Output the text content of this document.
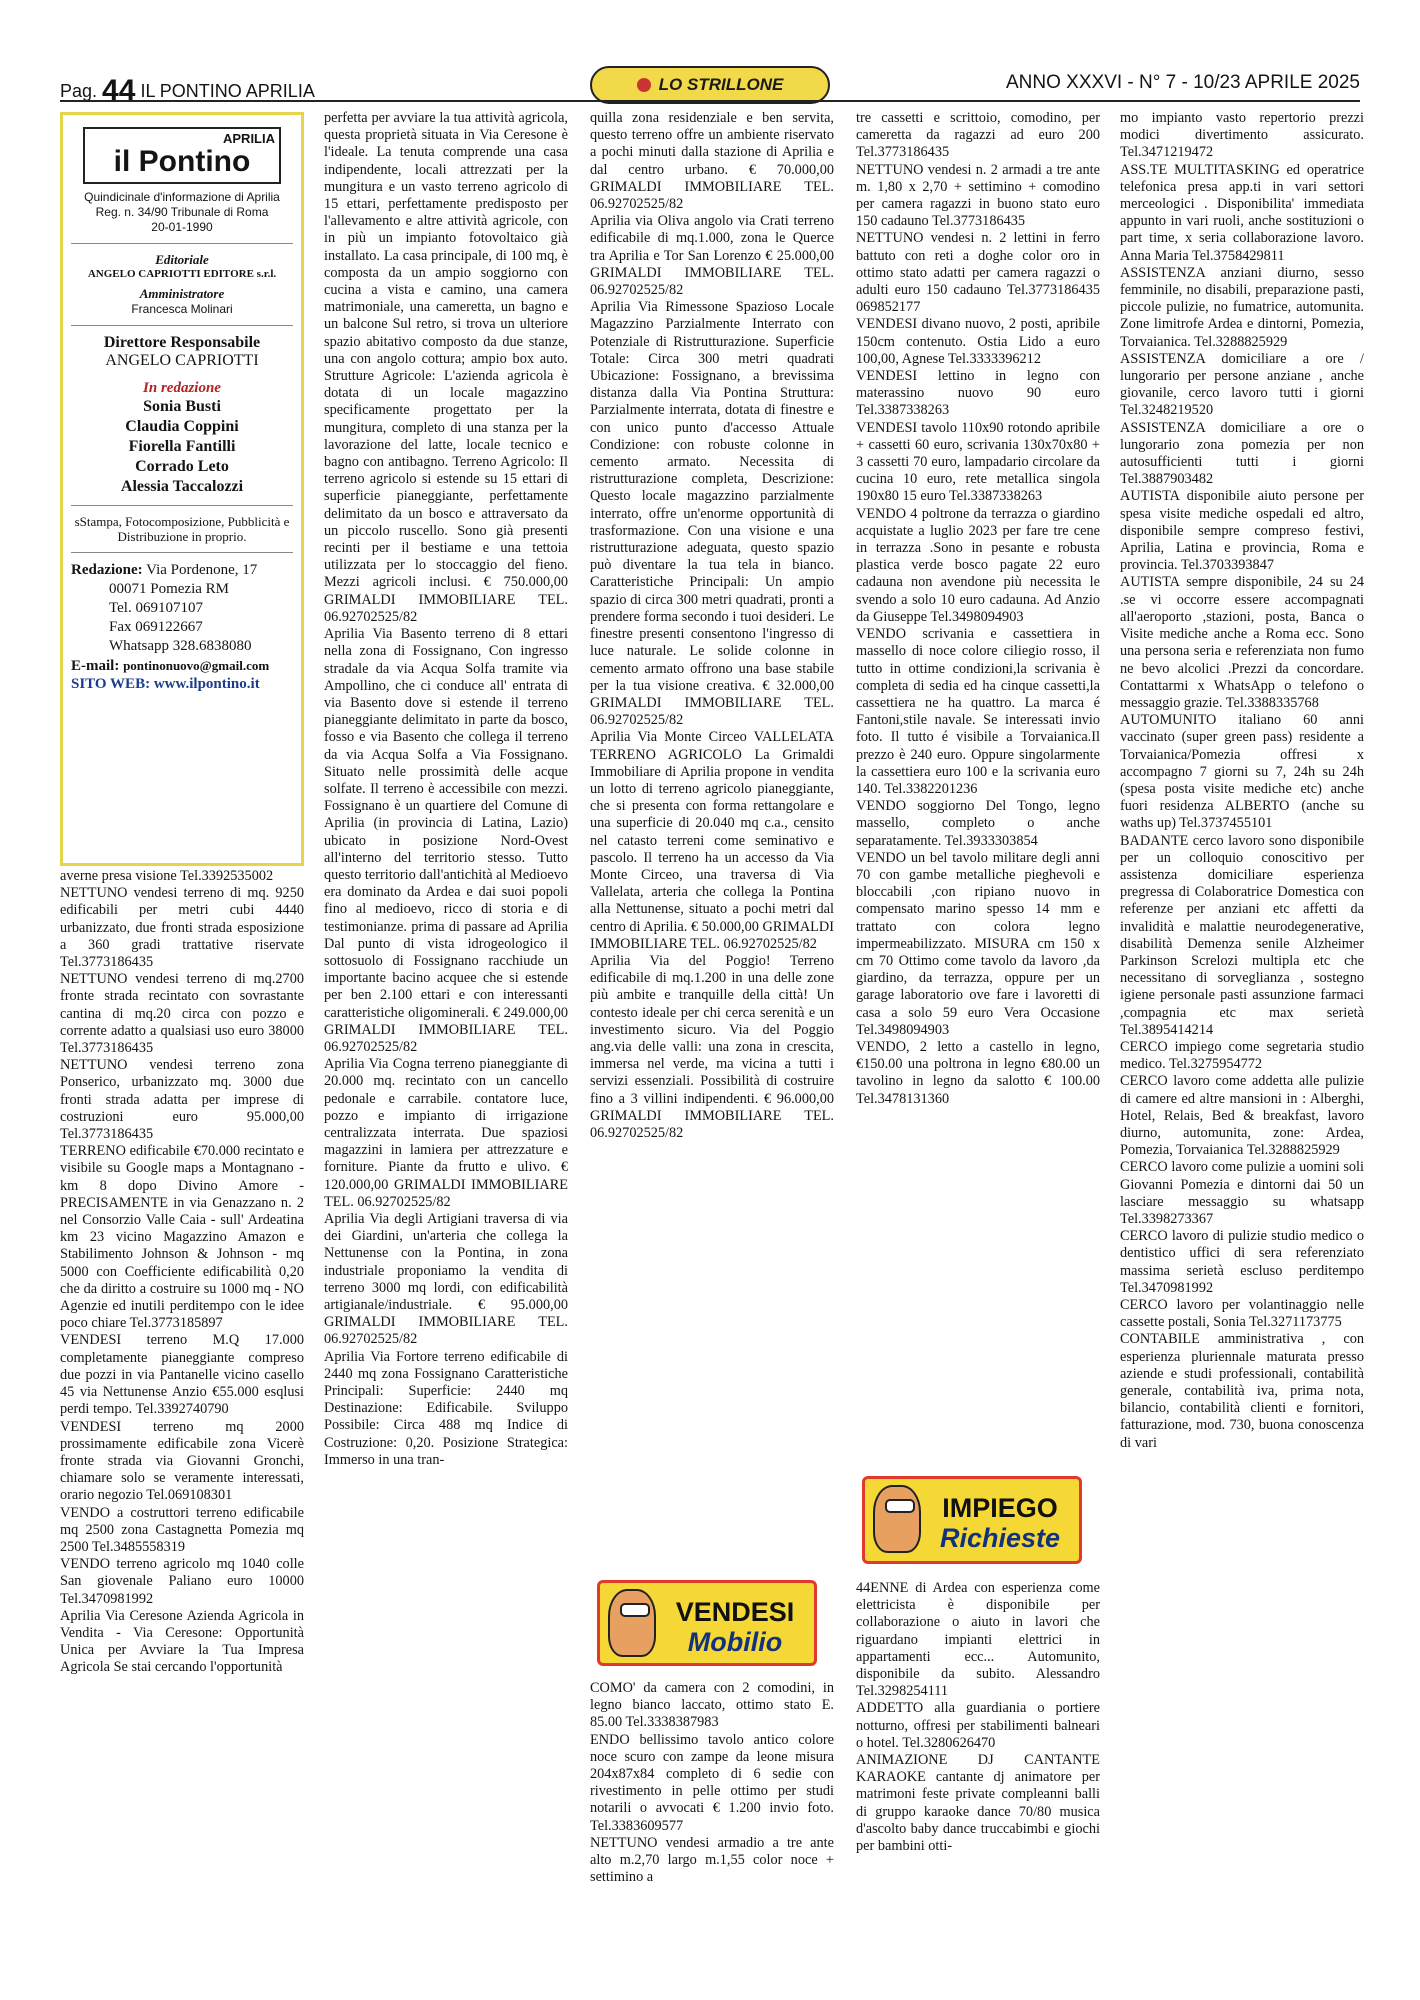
Pag. 44 IL PONTINO APRILIA	LO STRILLONE	ANNO XXXVI - N° 7 - 10/23 APRILE 2025
APRILIA
il Pontino
Quindicinale d'informazione di Aprilia
Reg. n. 34/90 Tribunale di Roma
20-01-1990
Editoriale
ANGELO CAPRIOTTI EDITORE s.r.l.
Amministratore
Francesca Molinari
Direttore Responsabile
ANGELO CAPRIOTTI
In redazione
Sonia Busti
Claudia Coppini
Fiorella Fantilli
Corrado Leto
Alessia Taccalozzi
sStampa, Fotocomposizione, Pubblicità e Distribuzione in proprio.
Redazione: Via Pordenone, 17
00071 Pomezia RM
Tel. 069107107
Fax 069122667
Whatsapp 328.6838080
E-mail: pontinonuovo@gmail.com
SITO WEB: www.ilpontino.it

averne presa visione Tel.3392535002

NETTUNO vendesi terreno di mq. 9250 edificabili per metri cubi 4440 urbanizzato, due fronti strada esposizione a 360 gradi trattative riservate Tel.3773186435

NETTUNO vendesi terreno di mq.2700 fronte strada recintato con sovrastante cantina di mq.20 circa con pozzo e corrente adatto a qualsiasi uso euro 38000 Tel.3773186435

NETTUNO vendesi terreno zona Ponserico, urbanizzato mq. 3000 due fronti strada adatta per imprese di costruzioni euro 95.000,00 Tel.3773186435

TERRENO edificabile €70.000 recintato e visibile su Google maps a Montagnano - km 8 dopo Divino Amore - PRECISAMENTE in via Genazzano n. 2 nel Consorzio Valle Caia - sull' Ardeatina km 23 vicino Magazzino Amazon e Stabilimento Johnson & Johnson - mq 5000 con Coefficiente edificabilità 0,20 che da diritto a costruire su 1000 mq - NO Agenzie ed inutili perditempo con le idee poco chiare Tel.3773185897

VENDESI terreno M.Q 17.000 completamente pianeggiante compreso due pozzi in via Pantanelle vicino casello 45 via Nettunense Anzio €55.000 esqlusi perdi tempo. Tel.3392740790

VENDESI terreno mq 2000 prossimamente edificabile zona Vicerè fronte strada via Giovanni Gronchi, chiamare solo se veramente interessati, orario negozio Tel.069108301

VENDO a costruttori terreno edificabile mq 2500 zona Castagnetta Pomezia mq 2500 Tel.3485558319

VENDO terreno agricolo mq 1040 colle San giovenale Paliano euro 10000 Tel.3470981992

Aprilia Via Ceresone Azienda Agricola in Vendita - Via Ceresone: Opportunità Unica per Avviare la Tua Impresa Agricola Se stai cercando l'opportunità

perfetta per avviare la tua attività agricola, questa proprietà situata in Via Ceresone è l'ideale. La tenuta comprende una casa indipendente, locali attrezzati per la mungitura e un vasto terreno agricolo di 15 ettari, perfettamente predisposto per l'allevamento e altre attività agricole, con in più un impianto fotovoltaico già installato. La casa principale, di 100 mq, è composta da un ampio soggiorno con cucina a vista e camino, una camera matrimoniale, una cameretta, un bagno e un balcone Sul retro, si trova un ulteriore spazio abitativo composto da due stanze, una con angolo cottura; ampio box auto. Strutture Agricole: L'azienda agricola è dotata di un locale magazzino specificamente progettato per la mungitura, completo di una stanza per la lavorazione del latte, locale tecnico e bagno con antibagno. Terreno Agricolo: Il terreno agricolo si estende su 15 ettari di superficie pianeggiante, perfettamente delimitato da un bosco e attraversato da un piccolo ruscello. Sono già presenti recinti per il bestiame e una tettoia utilizzata per lo stoccaggio del fieno. Mezzi agricoli inclusi. € 750.000,00 GRIMALDI IMMOBILIARE TEL. 06.92702525/82

Aprilia Via Basento terreno di 8 ettari nella zona di Fossignano, Con ingresso stradale da via Acqua Solfa tramite via Ampollino, che ci conduce all' entrata di via Basento dove si estende il terreno pianeggiante delimitato in parte da bosco, fosso e via Basento che collega il terreno da via Acqua Solfa a Via Fossignano. Situato nelle prossimità delle acque solfate. Il terreno è accessibile con mezzi. Fossignano è un quartiere del Comune di Aprilia (in provincia di Latina, Lazio) ubicato in posizione Nord-Ovest all'interno del territorio stesso. Tutto questo territorio dall'antichità al Medioevo era dominato da Ardea e dai suoi popoli fino al medioevo, ricco di storia e di testimonianze. prima di passare ad Aprilia Dal punto di vista idrogeologico il sottosuolo di Fossignano racchiude un importante bacino acquee che si estende per ben 2.100 ettari e con interessanti caratteristiche oligominerali. € 249.000,00 GRIMALDI IMMOBILIARE TEL. 06.92702525/82

Aprilia Via Cogna terreno pianeggiante di 20.000 mq. recintato con un cancello pedonale e carrabile. contatore luce, pozzo e impianto di irrigazione centralizzata interrata. Due spaziosi magazzini in lamiera per attrezzature e forniture. Piante da frutto e ulivo. € 120.000,00 GRIMALDI IMMOBILIARE TEL. 06.92702525/82

Aprilia Via degli Artigiani traversa di via dei Giardini, un'arteria che collega la Nettunense con la Pontina, in zona industriale proponiamo la vendita di terreno 3000 mq lordi, con edificabilità artigianale/industriale. € 95.000,00 GRIMALDI IMMOBILIARE TEL. 06.92702525/82

Aprilia Via Fortore terreno edificabile di 2440 mq zona Fossignano Caratteristiche Principali: Superficie: 2440 mq Destinazione: Edificabile. Sviluppo Possibile: Circa 488 mq Indice di Costruzione: 0,20. Posizione Strategica: Immerso in una tran-

quilla zona residenziale e ben servita, questo terreno offre un ambiente riservato a pochi minuti dalla stazione di Aprilia e dal centro urbano. € 70.000,00 GRIMALDI IMMOBILIARE TEL. 06.92702525/82

Aprilia via Oliva angolo via Crati terreno edificabile di mq.1.000, zona le Querce tra Aprilia e Tor San Lorenzo € 25.000,00 GRIMALDI IMMOBILIARE TEL. 06.92702525/82

Aprilia Via Rimessone Spazioso Locale Magazzino Parzialmente Interrato con Potenziale di Ristrutturazione. Superficie Totale: Circa 300 metri quadrati Ubicazione: Fossignano, a brevissima distanza dalla Via Pontina Struttura: Parzialmente interrata, dotata di finestre e con unico punto d'accesso Attuale Condizione: con robuste colonne in cemento armato. Necessita di ristrutturazione completa, Descrizione: Questo locale magazzino parzialmente interrato, offre un'enorme opportunità di trasformazione. Con una visione e una ristrutturazione adeguata, questo spazio può diventare la tua tela in bianco. Caratteristiche Principali: Un ampio spazio di circa 300 metri quadrati, pronti a prendere forma secondo i tuoi desideri. Le finestre presenti consentono l'ingresso di luce naturale. Le solide colonne in cemento armato offrono una base stabile per la tua visione creativa. € 32.000,00 GRIMALDI IMMOBILIARE TEL. 06.92702525/82

Aprilia Via Monte Circeo VALLELATA TERRENO AGRICOLO La Grimaldi Immobiliare di Aprilia propone in vendita un lotto di terreno agricolo pianeggiante, che si presenta con forma rettangolare e una superficie di 20.040 mq c.a., censito nel catasto terreni come seminativo e pascolo. Il terreno ha un accesso da Via Monte Circeo, una traversa di Via Vallelata, arteria che collega la Pontina alla Nettunense, situato a pochi metri dal centro di Aprilia. € 50.000,00 GRIMALDI IMMOBILIARE TEL. 06.92702525/82

Aprilia Via del Poggio! Terreno edificabile di mq.1.200 in una delle zone più ambite e tranquille della città! Un contesto ideale per chi cerca serenità e un investimento sicuro. Via del Poggio ang.via delle valli: una zona in crescita, immersa nel verde, ma vicina a tutti i servizi essenziali. Possibilità di costruire fino a 3 villini indipendenti. € 96.000,00 GRIMALDI IMMOBILIARE TEL. 06.92702525/82

VENDESI
Mobilio

COMO' da camera con 2 comodini, in legno bianco laccato, ottimo stato E. 85.00 Tel.3338387983

ENDO bellissimo tavolo antico colore noce scuro con zampe da leone misura 204x87x84 completo di 6 sedie con rivestimento in pelle ottimo per studi notarili o avvocati € 1.200 invio foto. Tel.3383609577

NETTUNO vendesi armadio a tre ante alto m.2,70 largo m.1,55 color noce + settimino a

tre cassetti e scrittoio, comodino, per cameretta da ragazzi ad euro 200 Tel.3773186435

NETTUNO vendesi n. 2 armadi a tre ante m. 1,80 x 2,70 + settimino + comodino per camera ragazzi in buono stato euro 150 cadauno Tel.3773186435

NETTUNO vendesi n. 2 lettini in ferro battuto con reti a doghe color oro in ottimo stato adatti per camera ragazzi o adulti euro 150 cadauno Tel.3773186435 069852177

VENDESI divano nuovo, 2 posti, apribile 150cm contenuto. Ostia Lido a euro 100,00, Agnese Tel.3333396212

VENDESI lettino in legno con materassino nuovo 90 euro Tel.3387338263

VENDESI tavolo 110x90 rotondo apribile + cassetti 60 euro, scrivania 130x70x80 + 3 cassetti 70 euro, lampadario circolare da cucina 10 euro, rete metallica singola 190x80 15 euro Tel.3387338263

VENDO 4 poltrone da terrazza o giardino acquistate a luglio 2023 per fare tre cene in terrazza .Sono in pesante e robusta plastica verde bosco pagate 22 euro cadauna non avendone più necessita le svendo a solo 10 euro cadauna. Ad Anzio da Giuseppe Tel.3498094903

VENDO scrivania e cassettiera in massello di noce colore ciliegio rosso, il tutto in ottime condizioni,la scrivania è completa di sedia ed ha cinque cassetti,la cassettiera ne ha quattro. La marca é Fantoni,stile navale. Se interessati invio foto. Il tutto é visibile a Torvaianica.Il prezzo è 240 euro. Oppure singolarmente la cassettiera euro 100 e la scrivania euro 140. Tel.3382201236

VENDO soggiorno Del Tongo, legno massello, completo o anche separatamente. Tel.3933303854

VENDO un bel tavolo militare degli anni 70 con gambe metalliche pieghevoli e bloccabili ,con ripiano nuovo in compensato marino spesso 14 mm e trattato con colora legno impermeabilizzato. MISURA cm 150 x cm 70 Ottimo come tavolo da lavoro ,da giardino, da terrazza, oppure per un garage laboratorio ove fare i lavoretti di casa a solo 59 euro Vera Occasione Tel.3498094903

VENDO, 2 letto a castello in legno,€150.00 una poltrona in legno €80.00 un tavolino in legno da salotto € 100.00 Tel.3478131360

IMPIEGO
Richieste

44ENNE di Ardea con esperienza come elettricista è disponibile per collaborazione o aiuto in lavori che riguardano impianti elettrici in appartamenti ecc... Automunito, disponibile da subito. Alessandro Tel.3298254111

ADDETTO alla guardiania o portiere notturno, offresi per stabilimenti balneari o hotel. Tel.3280626470

ANIMAZIONE DJ CANTANTE KARAOKE cantante dj animatore per matrimoni feste private compleanni balli di gruppo karaoke dance 70/80 musica d'ascolto baby dance truccabimbi e giochi per bambini otti-

mo impianto vasto repertorio prezzi modici divertimento assicurato. Tel.3471219472

ASS.TE MULTITASKING ed operatrice telefonica presa app.ti in vari settori merceologici . Disponibilita' immediata appunto in vari ruoli, anche sostituzioni o part time, x seria collaborazione lavoro. Anna Maria Tel.3758429811

ASSISTENZA anziani diurno, sesso femminile, no disabili, preparazione pasti, piccole pulizie, no fumatrice, automunita. Zone limitrofe Ardea e dintorni, Pomezia, Torvaianica. Tel.3288825929

ASSISTENZA domiciliare a ore / lungorario per persone anziane , anche giovanile, cerco lavoro tutti i giorni Tel.3248219520

ASSISTENZA domiciliare a ore o lungorario zona pomezia per non autosufficienti tutti i giorni Tel.3887903482

AUTISTA disponibile aiuto persone per spesa visite mediche ospedali ed altro, disponibile sempre compreso festivi, Aprilia, Latina e provincia, Roma e provincia. Tel.3703393847

AUTISTA sempre disponibile, 24 su 24 .se vi occorre essere accompagnati all'aeroporto ,stazioni, posta, Banca o Visite mediche anche a Roma ecc. Sono una persona seria e referenziata non fumo ne bevo alcolici .Prezzi da concordare. Contattarmi x WhatsApp o telefono o messaggio grazie. Tel.3388335768

AUTOMUNITO italiano 60 anni vaccinato (super green pass) residente a Torvaianica/Pomezia offresi x accompagno 7 giorni su 7, 24h su 24h (spesa posta visite mediche etc) anche fuori residenza ALBERTO (anche su waths up) Tel.3737455101

BADANTE cerco lavoro sono disponibile per un colloquio conoscitivo per assistenza domiciliare esperienza pregressa di Colaboratrice Domestica con referenze per anziani etc affetti da invalidità e malattie neurodegenerative, disabilità Demenza senile Alzheimer Parkinson Screlozi multipla etc che necessitano di sorveglianza , sostegno igiene personale pasti assunzione farmaci ,compagnia etc max serietà Tel.3895414214

CERCO impiego come segretaria studio medico. Tel.3275954772

CERCO lavoro come addetta alle pulizie di camere ed altre mansioni in : Alberghi, Hotel, Relais, Bed & breakfast, lavoro diurno, automunita, zone: Ardea, Pomezia, Torvaianica Tel.3288825929

CERCO lavoro come pulizie a uomini soli Giovanni Pomezia e dintorni dai 50 un lasciare messaggio su whatsapp Tel.3398273367

CERCO lavoro di pulizie studio medico o dentistico uffici di sera referenziato massima serietà escluso perditempo Tel.3470981992

CERCO lavoro per volantinaggio nelle cassette postali, Sonia Tel.3271173775

CONTABILE amministrativa , con esperienza pluriennale maturata presso aziende e studi professionali, contabilità generale, contabilità iva, prima nota, bilancio, contabilità clienti e fornitori, fatturazione, mod. 730, buona conoscenza di vari
